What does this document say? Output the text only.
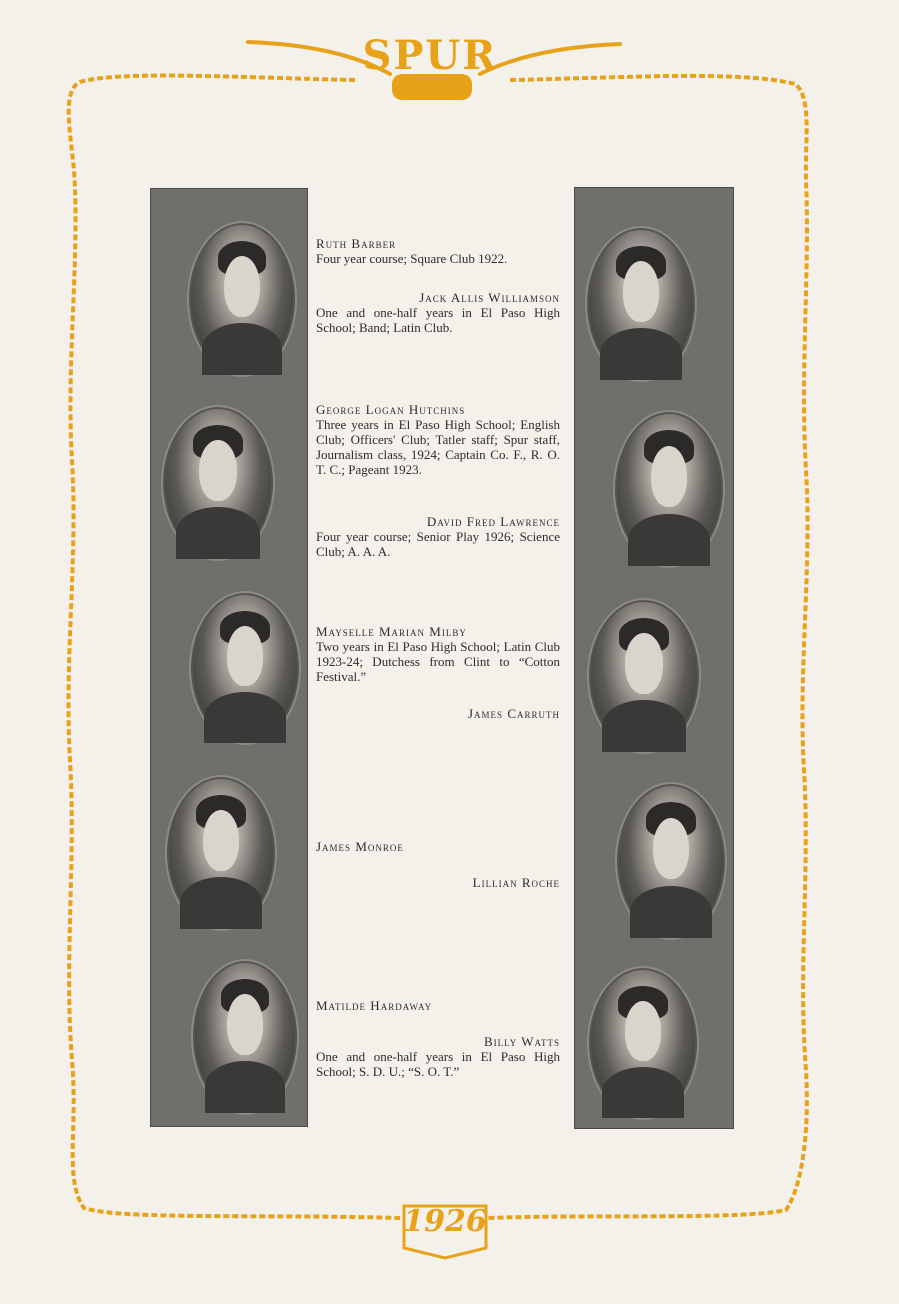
SPUR
1926
Ruth Barber
Four year course; Square Club 1922.
Jack Allis Williamson
One and one-half years in El Paso High School; Band; Latin Club.
George Logan Hutchins
Three years in El Paso High School; English Club; Officers' Club; Tatler staff; Spur staff, Journalism class, 1924; Captain Co. F., R. O. T. C.; Pageant 1923.
David Fred Lawrence
Four year course; Senior Play 1926; Science Club; A. A. A.
Mayselle Marian Milby
Two years in El Paso High School; Latin Club 1923-24; Dutchess from Clint to “Cotton Festival.”
James Carruth
James Monroe
Lillian Roche
Matilde Hardaway
Billy Watts
One and one-half years in El Paso High School; S. D. U.; “S. O. T.”
